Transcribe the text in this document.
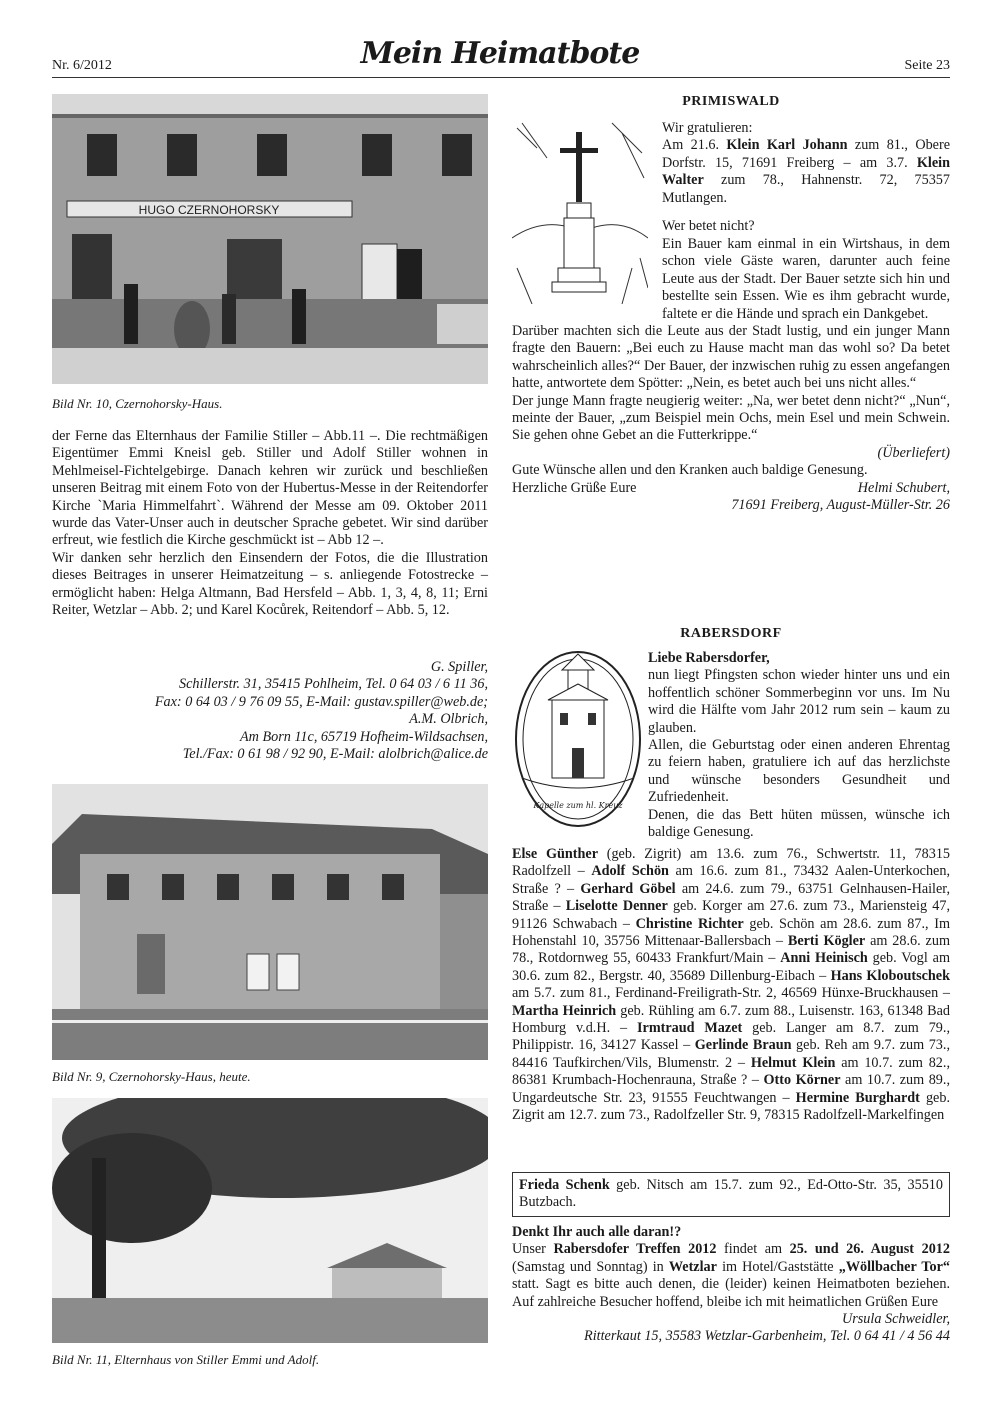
Nr. 6/2012	Mein Heimatbote	Seite 23
HUGO CZERNOHORSKY
Bild Nr. 10, Czernohorsky-Haus.

der Ferne das Elternhaus der Familie Stiller – Abb.11 –. Die rechtmäßigen Eigentümer Emmi Kneisl geb. Stiller und Adolf Stiller wohnen in Mehlmeisel-Fichtelgebirge. Danach kehren wir zurück und beschließen unseren Beitrag mit einem Foto von der Hubertus-Messe in der Reitendorfer Kirche `Maria Himmelfahrt`. Während der Messe am 09. Oktober 2011 wurde das Vater-Unser auch in deutscher Sprache gebetet. Wir sind darüber erfreut, wie festlich die Kirche geschmückt ist – Abb 12 –.

Wir danken sehr herzlich den Einsendern der Fotos, die die Illustration dieses Beitrages in unserer Heimatzeitung – s. anliegende Fotostrecke – ermöglicht haben: Helga Altmann, Bad Hersfeld – Abb. 1, 3, 4, 8, 11; Erni Reiter, Wetzlar – Abb. 2; und Karel Kocůrek, Reitendorf – Abb. 5, 12.

G. Spiller,
Schillerstr. 31, 35415 Pohlheim, Tel. 0 64 03 / 6 11 36,
Fax: 0 64 03 / 9 76 09 55, E-Mail: gustav.spiller@web.de;
A.M. Olbrich,
Am Born 11c, 65719 Hofheim-Wildsachsen,
Tel./Fax: 0 61 98 / 92 90, E-Mail: alolbrich@alice.de
Bild Nr. 9, Czernohorsky-Haus, heute.
Bild Nr. 11, Elternhaus von Stiller Emmi und Adolf.
PRIMISWALD

Wir gratulieren:

Am 21.6. Klein Karl Johann zum 81., Obere Dorfstr. 15, 71691 Freiberg – am 3.7. Klein Walter zum 78., Hahnenstr. 72, 75357 Mutlangen.

Wer betet nicht?

Ein Bauer kam einmal in ein Wirtshaus, in dem schon viele Gäste waren, darunter auch feine Leute aus der Stadt. Der Bauer setzte sich hin und bestellte sein Essen. Wie es ihm gebracht wurde, faltete er die Hände und sprach ein Dankgebet.

Darüber machten sich die Leute aus der Stadt lustig, und ein junger Mann fragte den Bauern: „Bei euch zu Hause macht man das wohl so? Da betet wahrscheinlich alles?“ Der Bauer, der inzwischen ruhig zu essen angefangen hatte, antwortete dem Spötter: „Nein, es betet auch bei uns nicht alles.“

Der junge Mann fragte neugierig weiter: „Na, wer betet denn nicht?“ „Nun“, meinte der Bauer, „zum Beispiel mein Ochs, mein Esel und mein Schwein. Sie gehen ohne Gebet an die Futterkrippe.“

(Überliefert)

Gute Wünsche allen und den Kranken auch baldige Genesung.

Herzliche Grüße Eure	Helmi Schubert,

71691 Freiberg, August-Müller-Str. 26

RABERSDORF
Kapelle zum hl. Kreuz

Liebe Rabersdorfer,

nun liegt Pfingsten schon wieder hinter uns und ein hoffentlich schöner Sommerbeginn vor uns. Im Nu wird die Hälfte vom Jahr 2012 rum sein – kaum zu glauben.

Allen, die Geburtstag oder einen anderen Ehrentag zu feiern haben, gratuliere ich auf das herzlichste und wünsche besonders Gesundheit und Zufriedenheit.

Denen, die das Bett hüten müssen, wünsche ich baldige Genesung.

Else Günther (geb. Zigrit) am 13.6. zum 76., Schwertstr. 11, 78315 Radolfzell – Adolf Schön am 16.6. zum 81., 73432 Aalen-Unterkochen, Straße ? – Gerhard Göbel am 24.6. zum 79., 63751 Gelnhausen-Hailer, Straße – Liselotte Denner geb. Korger am 27.6. zum 73., Mariensteig 47, 91126 Schwabach – Christine Richter geb. Schön am 28.6. zum 87., Im Hohenstahl 10, 35756 Mittenaar-Ballersbach – Berti Kögler am 28.6. zum 78., Rotdornweg 55, 60433 Frankfurt/Main – Anni Heinisch geb. Vogl am 30.6. zum 82., Bergstr. 40, 35689 Dillenburg-Eibach – Hans Kloboutschek am 5.7. zum 81., Ferdinand-Freiligrath-Str. 2, 46569 Hünxe-Bruckhausen – Martha Heinrich geb. Rühling am 6.7. zum 88., Luisenstr. 163, 61348 Bad Homburg v.d.H. – Irmtraud Mazet geb. Langer am 8.7. zum 79., Philippistr. 16, 34127 Kassel – Gerlinde Braun geb. Reh am 9.7. zum 73., 84416 Taufkirchen/Vils, Blumenstr. 2 – Helmut Klein am 10.7. zum 82., 86381 Krumbach-Hochenrauna, Straße ? – Otto Körner am 10.7. zum 89., Ungardeutsche Str. 23, 91555 Feuchtwangen – Hermine Burghardt geb. Zigrit am 12.7. zum 73., Radolfzeller Str. 9, 78315 Radolfzell-Markelfingen

Frieda Schenk geb. Nitsch am 15.7. zum 92., Ed-Otto-Str. 35, 35510 Butzbach.

Denkt Ihr auch alle daran!?

Unser Rabersdofer Treffen 2012 findet am 25. und 26. August 2012 (Samstag und Sonntag) in Wetzlar im Hotel/Gaststätte „Wöllbacher Tor“ statt. Sagt es bitte auch denen, die (leider) keinen Heimatboten beziehen. Auf zahlreiche Besucher hoffend, bleibe ich mit heimatlichen Grüßen Eure

Ursula Schweidler,

Ritterkaut 15, 35583 Wetzlar-Garbenheim, Tel. 0 64 41 / 4 56 44
